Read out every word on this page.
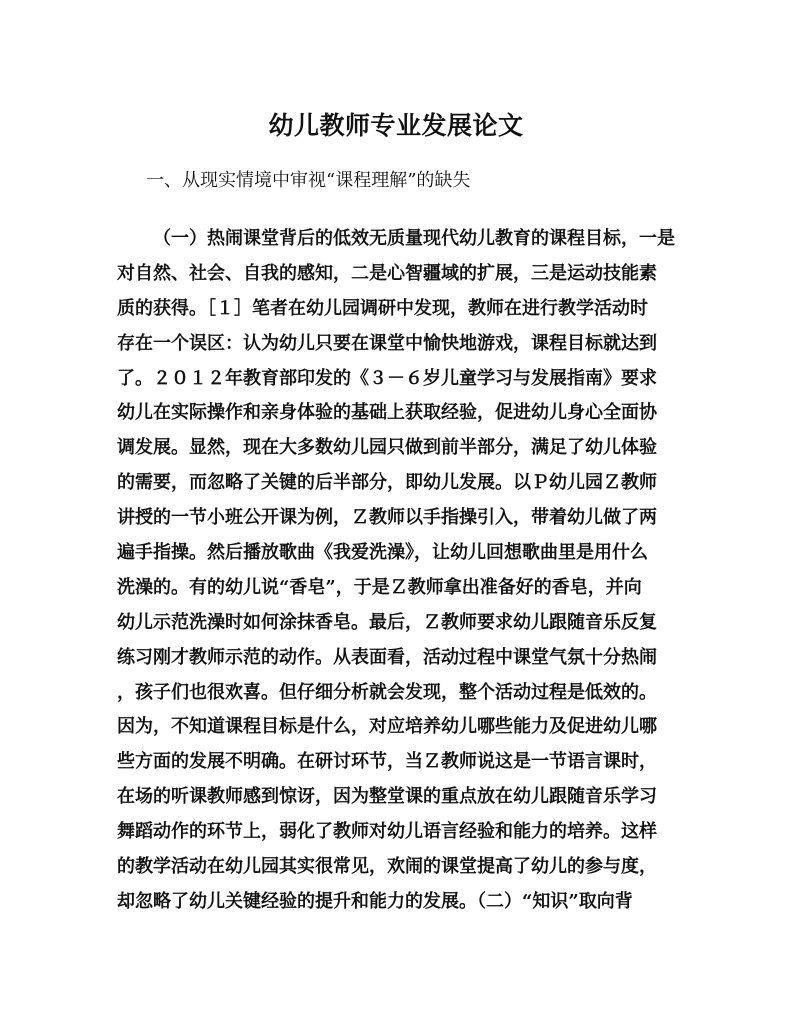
幼儿教师专业发展论文
一、从现实情境中审视“课程理解”的缺失
（一）热闹课堂背后的低效无质量现代幼儿教育的课程目标，一是
对自然、社会、自我的感知，二是心智疆域的扩展，三是运动技能素
质的获得。［１］笔者在幼儿园调研中发现，教师在进行教学活动时
存在一个误区：认为幼儿只要在课堂中愉快地游戏，课程目标就达到
了。２０１２年教育部印发的《３－６岁儿童学习与发展指南》要求
幼儿在实际操作和亲身体验的基础上获取经验，促进幼儿身心全面协
调发展。显然，现在大多数幼儿园只做到前半部分，满足了幼儿体验
的需要，而忽略了关键的后半部分，即幼儿发展。以Ｐ幼儿园Ｚ教师
讲授的一节小班公开课为例，Ｚ教师以手指操引入，带着幼儿做了两
遍手指操。然后播放歌曲《我爱洗澡》，让幼儿回想歌曲里是用什么
洗澡的。有的幼儿说“香皂”，于是Ｚ教师拿出准备好的香皂，并向
幼儿示范洗澡时如何涂抹香皂。最后，Ｚ教师要求幼儿跟随音乐反复
练习刚才教师示范的动作。从表面看，活动过程中课堂气氛十分热闹
，孩子们也很欢喜。但仔细分析就会发现，整个活动过程是低效的。
因为，不知道课程目标是什么，对应培养幼儿哪些能力及促进幼儿哪
些方面的发展不明确。在研讨环节，当Ｚ教师说这是一节语言课时，
在场的听课教师感到惊讶，因为整堂课的重点放在幼儿跟随音乐学习
舞蹈动作的环节上，弱化了教师对幼儿语言经验和能力的培养。这样
的教学活动在幼儿园其实很常见，欢闹的课堂提高了幼儿的参与度，
却忽略了幼儿关键经验的提升和能力的发展。（二）“知识”取向背
